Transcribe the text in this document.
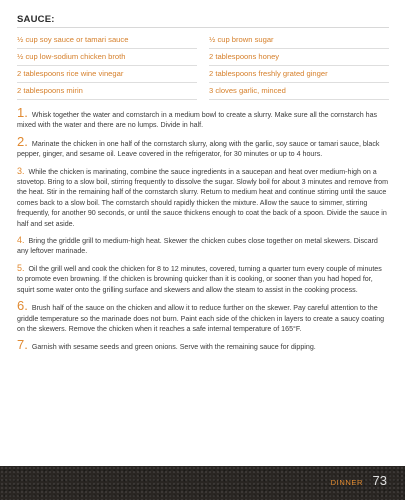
SAUCE:
½ cup soy sauce or tamari sauce	½ cup brown sugar
½ cup low-sodium chicken broth	2 tablespoons honey
2 tablespoons rice wine vinegar	2 tablespoons freshly grated ginger
2 tablespoons mirin	3 cloves garlic, minced

1. Whisk together the water and cornstarch in a medium bowl to create a slurry. Make sure all the cornstarch has mixed with the water and there are no lumps. Divide in half.

2. Marinate the chicken in one half of the cornstarch slurry, along with the garlic, soy sauce or tamari sauce, black pepper, ginger, and sesame oil. Leave covered in the refrigerator, for 30 minutes or up to 4 hours.

3. While the chicken is marinating, combine the sauce ingredients in a saucepan and heat over medium-high on a stovetop. Bring to a slow boil, stirring frequently to dissolve the sugar. Slowly boil for about 3 minutes and remove from the heat. Stir in the remaining half of the cornstarch slurry. Return to medium heat and continue stirring until the sauce comes back to a slow boil. The cornstarch should rapidly thicken the mixture. Allow the sauce to simmer, stirring frequently, for another 90 seconds, or until the sauce thickens enough to coat the back of a spoon. Divide the sauce in half and set aside.

4. Bring the griddle grill to medium-high heat. Skewer the chicken cubes close together on metal skewers. Discard any leftover marinade.

5. Oil the grill well and cook the chicken for 8 to 12 minutes, covered, turning a quarter turn every couple of minutes to promote even browning. If the chicken is browning quicker than it is cooking, or sooner than you had hoped for, squirt some water onto the grilling surface and skewers and allow the steam to assist in the cooking process.

6. Brush half of the sauce on the chicken and allow it to reduce further on the skewer. Pay careful attention to the griddle temperature so the marinade does not burn. Paint each side of the chicken in layers to create a saucy coating on the skewers. Remove the chicken when it reaches a safe internal temperature of 165°F.

7. Garnish with sesame seeds and green onions. Serve with the remaining sauce for dipping.

DINNER 73
